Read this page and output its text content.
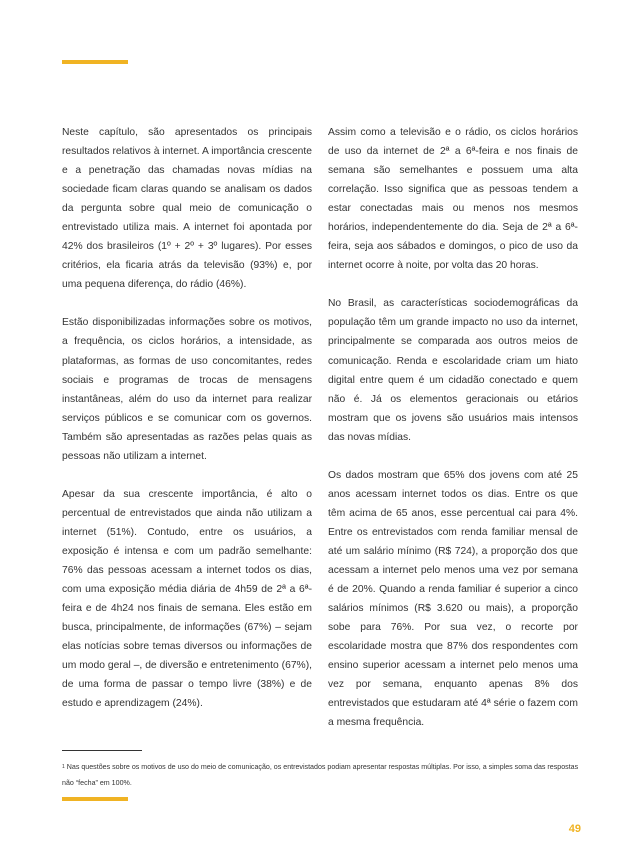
Neste capítulo, são apresentados os principais resultados relativos à internet. A importância crescente e a penetração das chamadas novas mídias na sociedade ficam claras quando se analisam os dados da pergunta sobre qual meio de comunicação o entrevistado utiliza mais. A internet foi apontada por 42% dos brasileiros (1º + 2º + 3º lugares). Por esses critérios, ela ficaria atrás da televisão (93%) e, por uma pequena diferença, do rádio (46%).

Estão disponibilizadas informações sobre os motivos, a frequência, os ciclos horários, a intensidade, as plataformas, as formas de uso concomitantes, redes sociais e programas de trocas de mensagens instantâneas, além do uso da internet para realizar serviços públicos e se comunicar com os governos. Também são apresentadas as razões pelas quais as pessoas não utilizam a internet.

Apesar da sua crescente importância, é alto o percentual de entrevistados que ainda não utilizam a internet (51%). Contudo, entre os usuários, a exposição é intensa e com um padrão semelhante: 76% das pessoas acessam a internet todos os dias, com uma exposição média diária de 4h59 de 2ª a 6ª-feira e de 4h24 nos finais de semana. Eles estão em busca, principalmente, de informações (67%) – sejam elas notícias sobre temas diversos ou informações de um modo geral –, de diversão e entretenimento (67%), de uma forma de passar o tempo livre (38%) e de estudo e aprendizagem (24%).

Assim como a televisão e o rádio, os ciclos horários de uso da internet de 2ª a 6ª-feira e nos finais de semana são semelhantes e possuem uma alta correlação. Isso significa que as pessoas tendem a estar conectadas mais ou menos nos mesmos horários, independentemente do dia. Seja de 2ª a 6ª-feira, seja aos sábados e domingos, o pico de uso da internet ocorre à noite, por volta das 20 horas.

No Brasil, as características sociodemográficas da população têm um grande impacto no uso da internet, principalmente se comparada aos outros meios de comunicação. Renda e escolaridade criam um hiato digital entre quem é um cidadão conectado e quem não é. Já os elementos geracionais ou etários mostram que os jovens são usuários mais intensos das novas mídias.

Os dados mostram que 65% dos jovens com até 25 anos acessam internet todos os dias. Entre os que têm acima de 65 anos, esse percentual cai para 4%. Entre os entrevistados com renda familiar mensal de até um salário mínimo (R$ 724), a proporção dos que acessam a internet pelo menos uma vez por semana é de 20%. Quando a renda familiar é superior a cinco salários mínimos (R$ 3.620 ou mais), a proporção sobe para 76%. Por sua vez, o recorte por escolaridade mostra que 87% dos respondentes com ensino superior acessam a internet pelo menos uma vez por semana, enquanto apenas 8% dos entrevistados que estudaram até 4ª série o fazem com a mesma frequência.

$^1$ Nas questões sobre os motivos de uso do meio de comunicação, os entrevistados podiam apresentar respostas múltiplas. Por isso, a simples soma das respostas não “fecha” em 100%.
49
